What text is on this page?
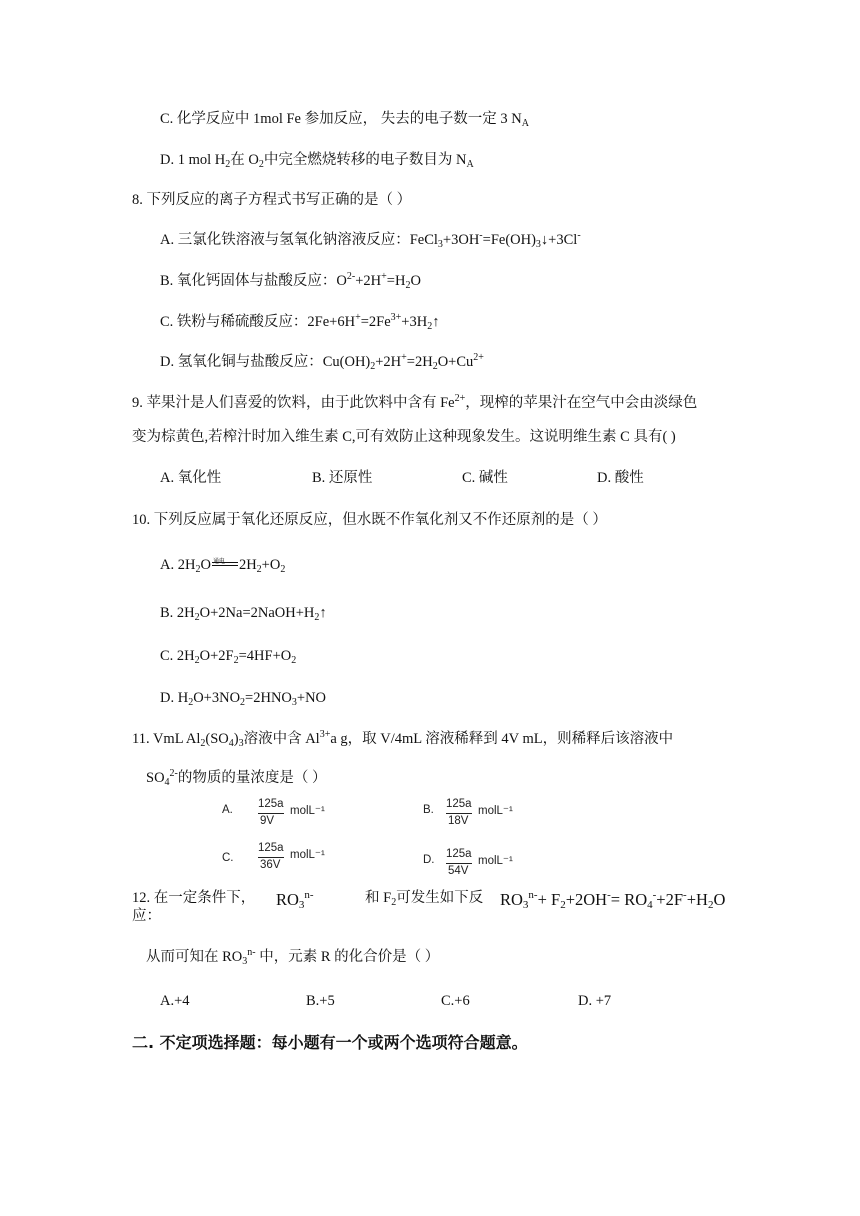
C. 化学反应中 1mol Fe 参加反应， 失去的电子数一定 3 $N_A$
D. 1 mol $H_2$在 $O_2$中完全燃烧转移的电子数目为 $N_A$
8. 下列反应的离子方程式书写正确的是（ ）
A. 三氯化铁溶液与氢氧化钠溶液反应：$FeCl_3+3OH^-=Fe(OH)_3↓+3Cl^-$
B. 氧化钙固体与盐酸反应：$O^{2-}+2H^+=H_2O$
C. 铁粉与稀硫酸反应：$2Fe+6H^+=2Fe^{3+}+3H_2↑$
D. 氢氧化铜与盐酸反应：$Cu(OH)_2+2H^+=2H_2O+Cu^{2+}$
9. 苹果汁是人们喜爱的饮料，由于此饮料中含有 $Fe^{2+}$，现榨的苹果汁在空气中会由淡绿色
变为棕黄色,若榨汁时加入维生素 C,可有效防止这种现象发生。这说明维生素 C 具有( )
A. 氧化性	B. 还原性	C. 碱性	D. 酸性
10. 下列反应属于氧化还原反应，但水既不作氧化剂又不作还原剂的是（ ）
A. $2H_2O$ 通电 $2H_2+O_2$
B. $2H_2O+2Na=2NaOH+H_2↑$
C. $2H_2O+2F_2=4HF+O_2$
D. $H_2O+3NO_2=2HNO_3+NO$
11. VmL $Al_2(SO_4)_3$溶液中含 $Al^{3+}a$ g，取 V/4mL 溶液稀释到 4V mL，则稀释后该溶液中
$SO_4^{2-}$的物质的量浓度是（ ）
A. 125a
9V
molL⁻¹	B. 125a
18V
molL⁻¹
C.
125a
36V
molL⁻¹	D. 125a
54V
molL⁻¹
12. 在一定条件下，
应：
$RO_3^{n-}$	和 $F_2$可发生如下反 $RO_3^{n-}+ F_2+2OH^-= RO_4^-+2F^-+H_2O$
从而可知在 $RO_3^{n-}$ 中，元素 R 的化合价是（ ）
A.+4	B.+5	C.+6	D. +7
二. 不定项选择题：每小题有一个或两个选项符合题意。
